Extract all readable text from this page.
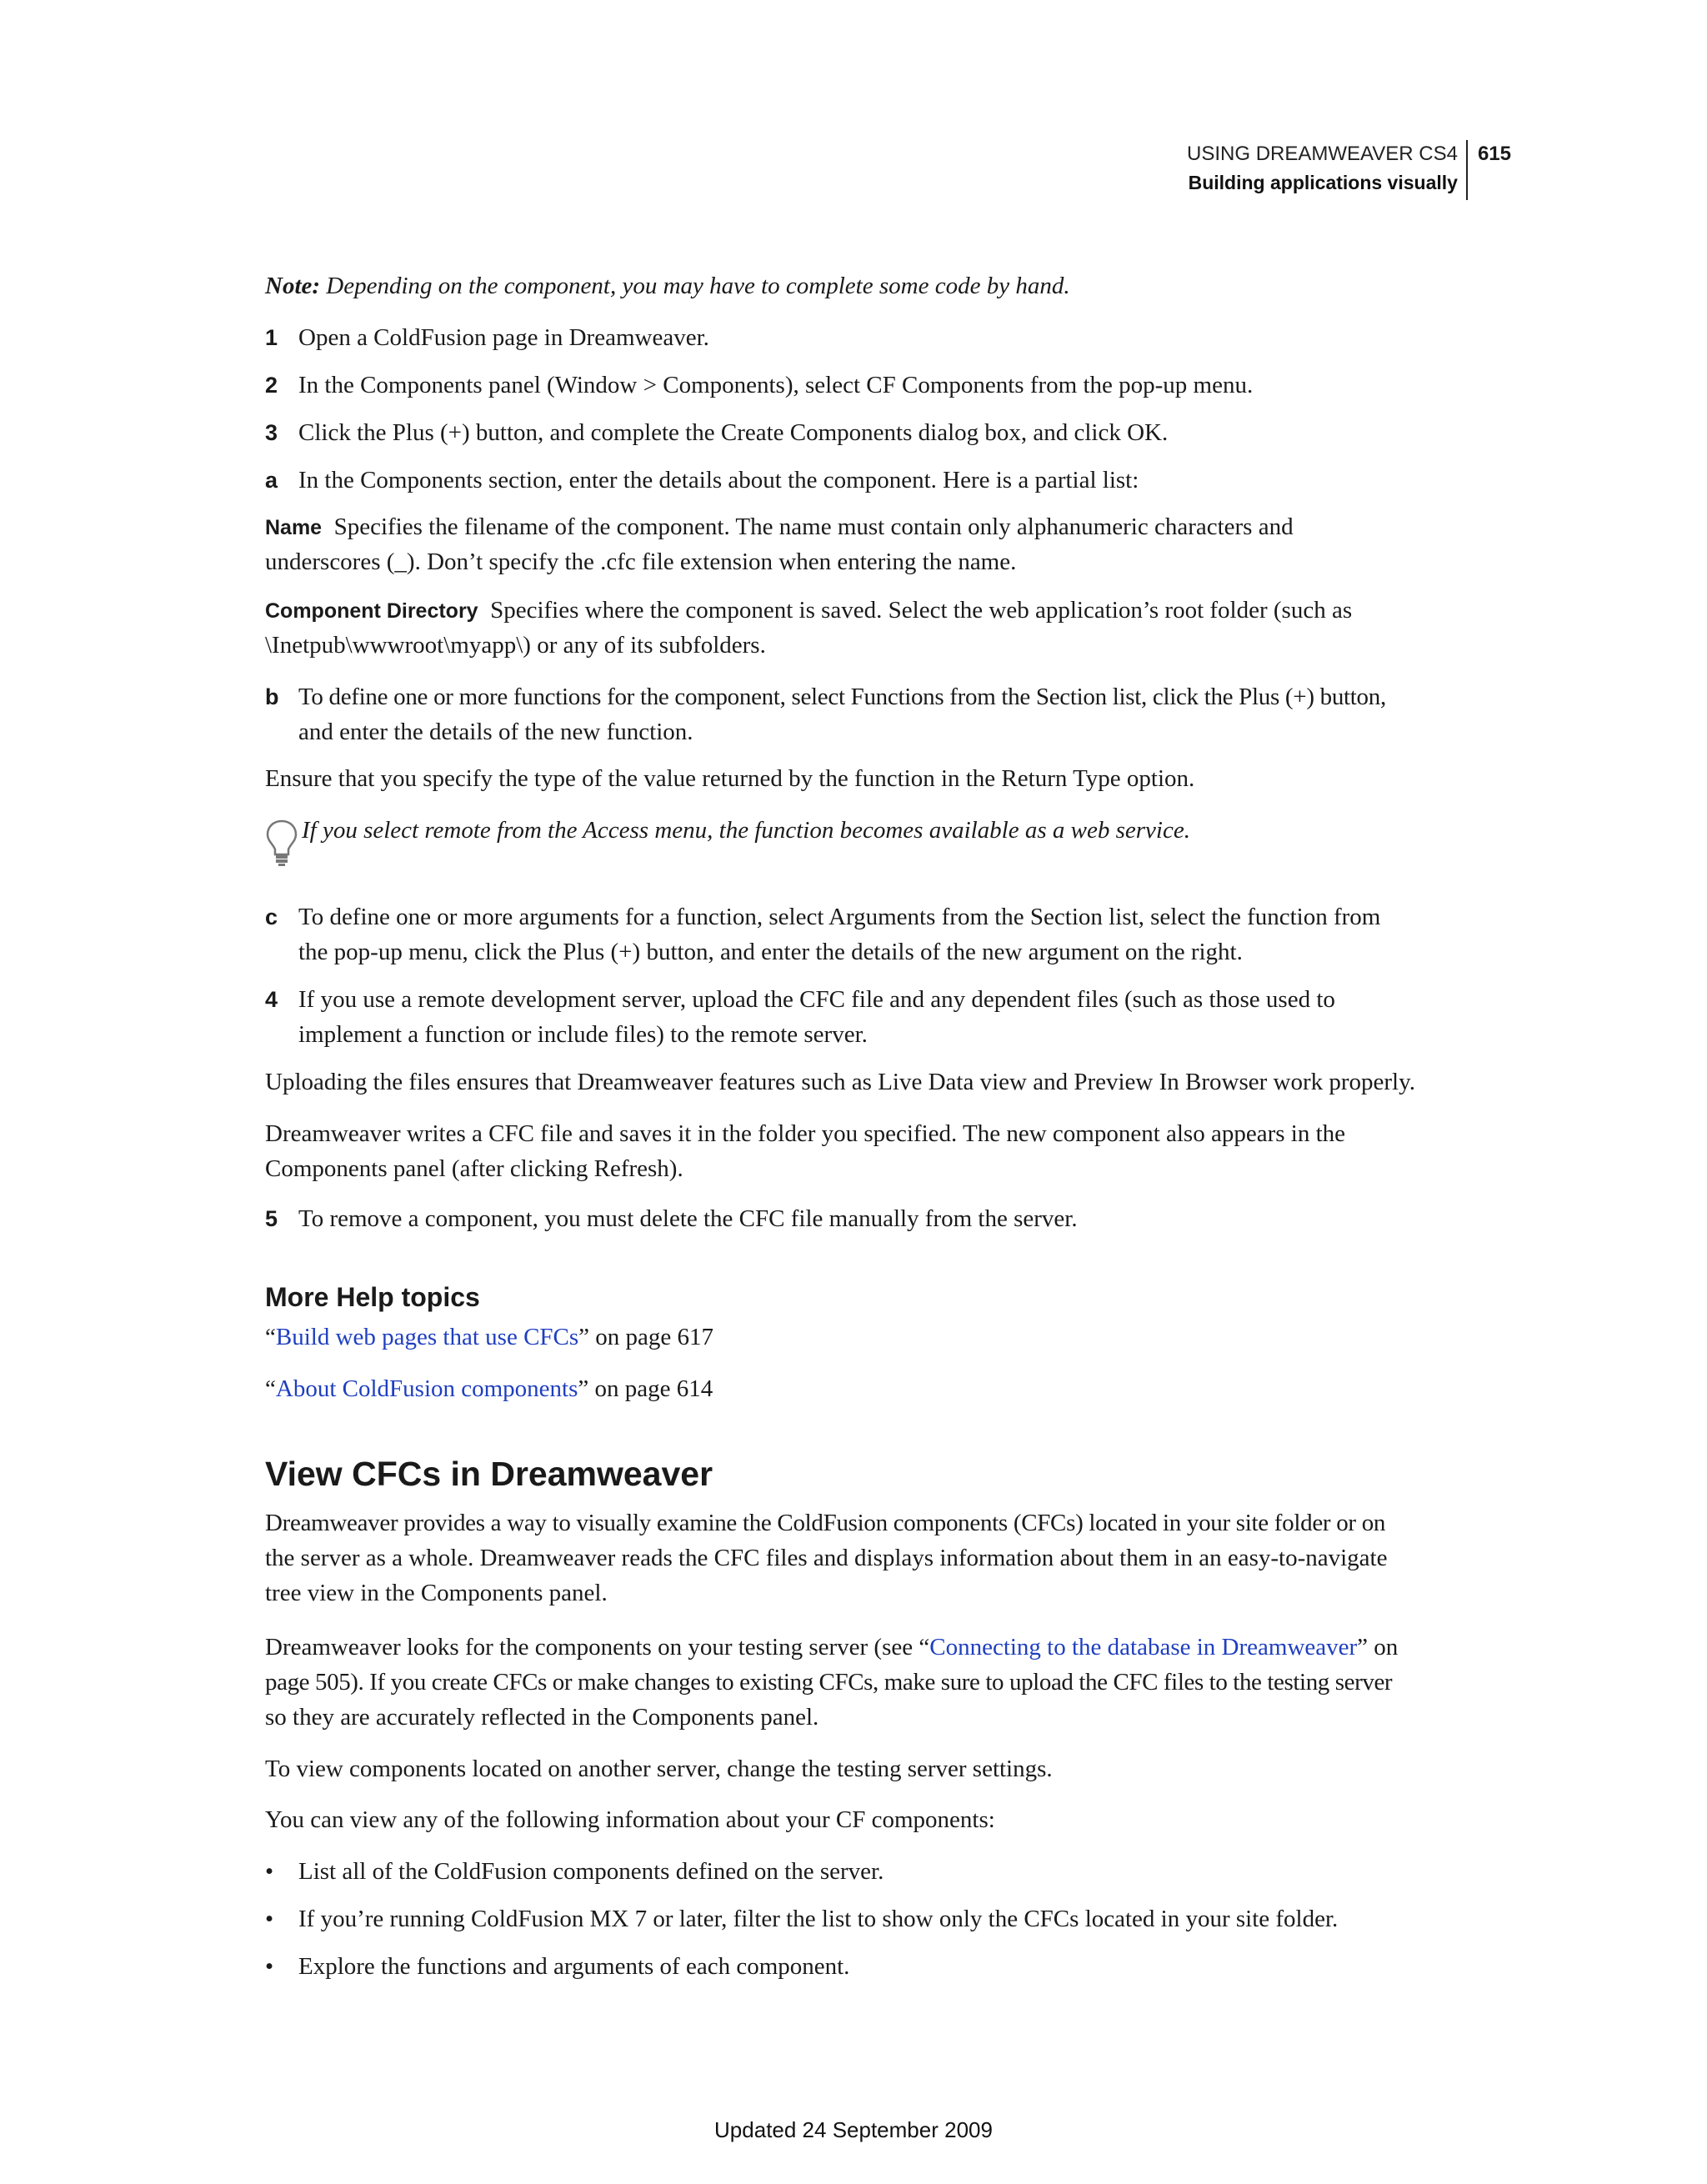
USING DREAMWEAVER CS4
Building applications visually
615
Note: Depending on the component, you may have to complete some code by hand.
1 Open a ColdFusion page in Dreamweaver.
2 In the Components panel (Window > Components), select CF Components from the pop-up menu.
3 Click the Plus (+) button, and complete the Create Components dialog box, and click OK.
a In the Components section, enter the details about the component. Here is a partial list:
Name  Specifies the filename of the component. The name must contain only alphanumeric characters and
underscores (_). Don’t specify the .cfc file extension when entering the name.
Component Directory  Specifies where the component is saved. Select the web application’s root folder (such as
\Inetpub\wwwroot\myapp\) or any of its subfolders.
b To define one or more functions for the component, select Functions from the Section list, click the Plus (+) button,
and enter the details of the new function.
Ensure that you specify the type of the value returned by the function in the Return Type option.
If you select remote from the Access menu, the function becomes available as a web service.
c To define one or more arguments for a function, select Arguments from the Section list, select the function from
the pop-up menu, click the Plus (+) button, and enter the details of the new argument on the right.
4 If you use a remote development server, upload the CFC file and any dependent files (such as those used to
implement a function or include files) to the remote server.
Uploading the files ensures that Dreamweaver features such as Live Data view and Preview In Browser work properly.
Dreamweaver writes a CFC file and saves it in the folder you specified. The new component also appears in the
Components panel (after clicking Refresh).
5 To remove a component, you must delete the CFC file manually from the server.
More Help topics
“Build web pages that use CFCs” on page 617
“About ColdFusion components” on page 614
View CFCs in Dreamweaver
Dreamweaver provides a way to visually examine the ColdFusion components (CFCs) located in your site folder or on
the server as a whole. Dreamweaver reads the CFC files and displays information about them in an easy-to-navigate
tree view in the Components panel.
Dreamweaver looks for the components on your testing server (see “Connecting to the database in Dreamweaver” on
page 505). If you create CFCs or make changes to existing CFCs, make sure to upload the CFC files to the testing server
so they are accurately reflected in the Components panel.
To view components located on another server, change the testing server settings.
You can view any of the following information about your CF components:
• List all of the ColdFusion components defined on the server.
• If you’re running ColdFusion MX 7 or later, filter the list to show only the CFCs located in your site folder.
• Explore the functions and arguments of each component.
Updated 24 September 2009
